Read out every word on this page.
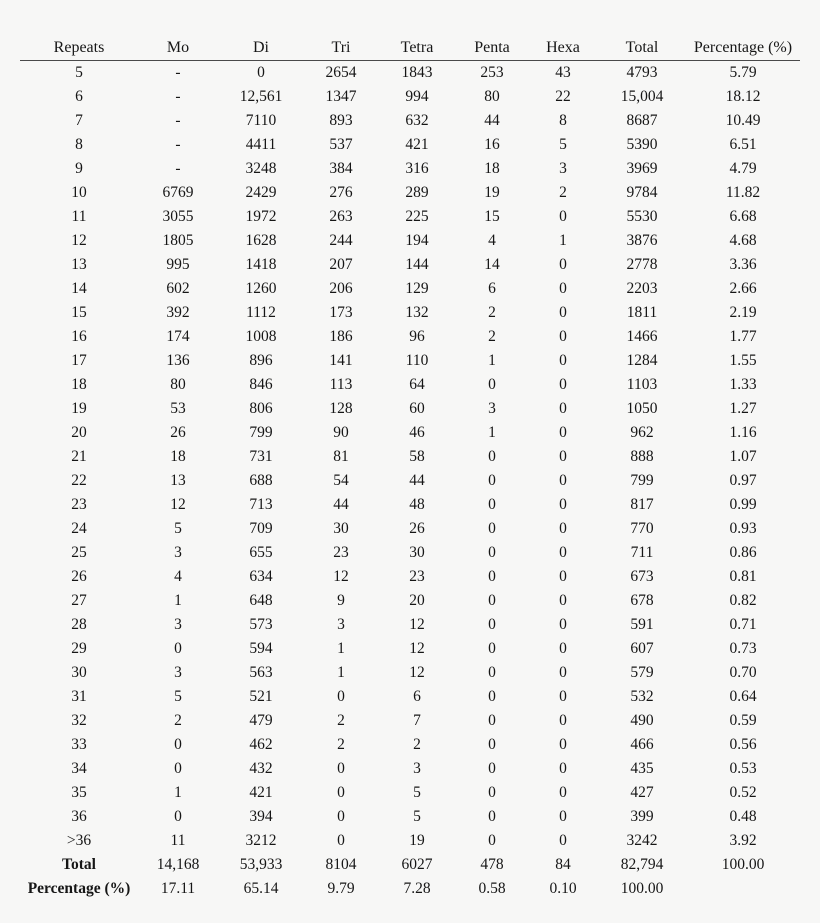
Repeats	Mo	Di	Tri	Tetra	Penta	Hexa	Total	Percentage (%)
5	-	0	2654	1843	253	43	4793	5.79
6	-	12,561	1347	994	80	22	15,004	18.12
7	-	7110	893	632	44	8	8687	10.49
8	-	4411	537	421	16	5	5390	6.51
9	-	3248	384	316	18	3	3969	4.79
10	6769	2429	276	289	19	2	9784	11.82
11	3055	1972	263	225	15	0	5530	6.68
12	1805	1628	244	194	4	1	3876	4.68
13	995	1418	207	144	14	0	2778	3.36
14	602	1260	206	129	6	0	2203	2.66
15	392	1112	173	132	2	0	1811	2.19
16	174	1008	186	96	2	0	1466	1.77
17	136	896	141	110	1	0	1284	1.55
18	80	846	113	64	0	0	1103	1.33
19	53	806	128	60	3	0	1050	1.27
20	26	799	90	46	1	0	962	1.16
21	18	731	81	58	0	0	888	1.07
22	13	688	54	44	0	0	799	0.97
23	12	713	44	48	0	0	817	0.99
24	5	709	30	26	0	0	770	0.93
25	3	655	23	30	0	0	711	0.86
26	4	634	12	23	0	0	673	0.81
27	1	648	9	20	0	0	678	0.82
28	3	573	3	12	0	0	591	0.71
29	0	594	1	12	0	0	607	0.73
30	3	563	1	12	0	0	579	0.70
31	5	521	0	6	0	0	532	0.64
32	2	479	2	7	0	0	490	0.59
33	0	462	2	2	0	0	466	0.56
34	0	432	0	3	0	0	435	0.53
35	1	421	0	5	0	0	427	0.52
36	0	394	0	5	0	0	399	0.48
>36	11	3212	0	19	0	0	3242	3.92
Total	14,168	53,933	8104	6027	478	84	82,794	100.00
Percentage (%)	17.11	65.14	9.79	7.28	0.58	0.10	100.00	
